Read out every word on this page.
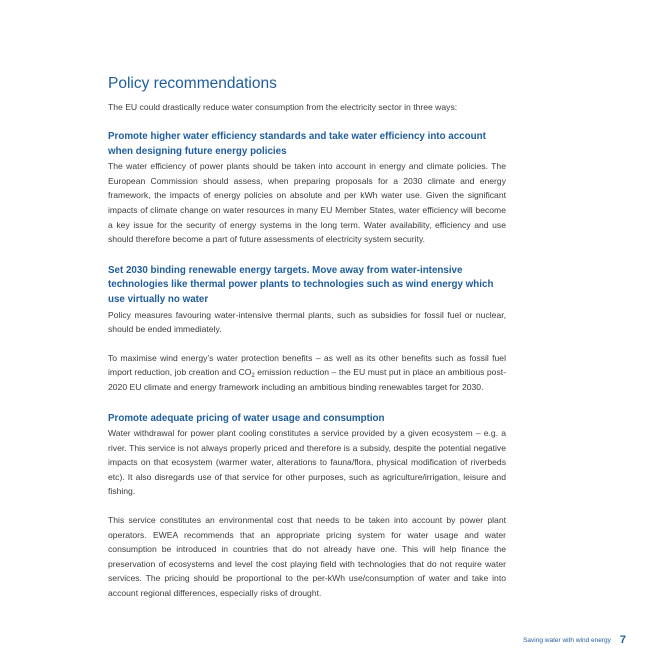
Policy recommendations

The EU could drastically reduce water consumption from the electricity sector in three ways:

Promote higher water efficiency standards and take water efficiency into account when designing future energy policies

The water efficiency of power plants should be taken into account in energy and climate policies. The European Commission should assess, when preparing proposals for a 2030 climate and energy framework, the impacts of energy policies on absolute and per kWh water use. Given the significant impacts of climate change on water resources in many EU Member States, water efficiency will become a key issue for the security of energy systems in the long term. Water availability, efficiency and use should therefore become a part of future assessments of electricity system security.

Set 2030 binding renewable energy targets. Move away from water-intensive technologies like thermal power plants to technologies such as wind energy which use virtually no water

Policy measures favouring water-intensive thermal plants, such as subsidies for fossil fuel or nuclear, should be ended immediately.

To maximise wind energy’s water protection benefits – as well as its other benefits such as fossil fuel import reduction, job creation and $CO_2$ emission reduction – the EU must put in place an ambitious post-2020 EU climate and energy framework including an ambitious binding renewables target for 2030.

Promote adequate pricing of water usage and consumption

Water withdrawal for power plant cooling constitutes a service provided by a given ecosystem – e.g. a river. This service is not always properly priced and therefore is a subsidy, despite the potential negative impacts on that ecosystem (warmer water, alterations to fauna/flora, physical modification of riverbeds etc). It also disregards use of that service for other purposes, such as agriculture/irrigation, leisure and fishing.

This service constitutes an environmental cost that needs to be taken into account by power plant operators. EWEA recommends that an appropriate pricing system for water usage and water consumption be introduced in countries that do not already have one. This will help finance the preservation of ecosystems and level the cost playing field with technologies that do not require water services. The pricing should be proportional to the per-kWh use/consumption of water and take into account regional differences, especially risks of drought.

Saving water with wind energy 7
